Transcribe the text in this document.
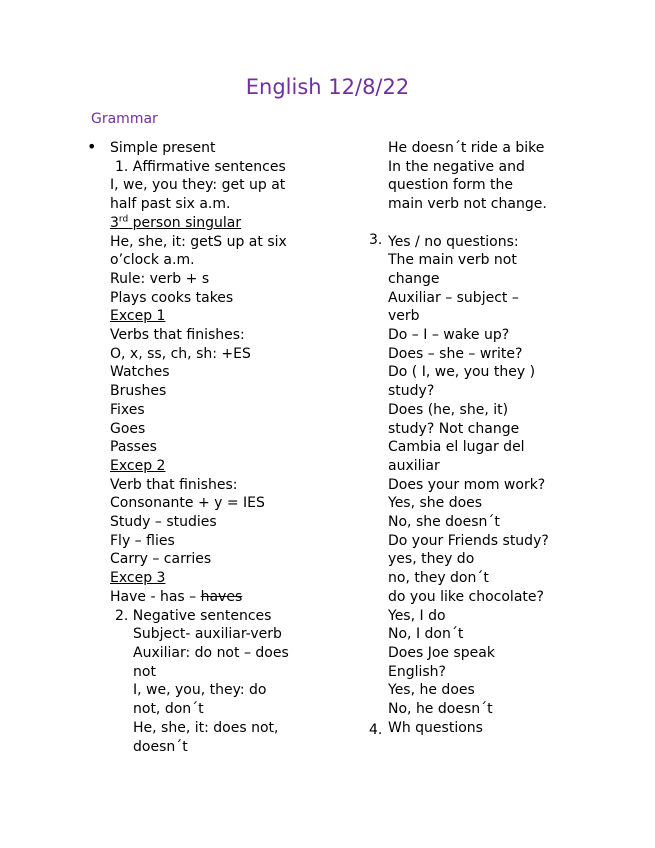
English 12/8/22
Grammar
• Simple present
1. Affirmative sentences
I, we, you they: get up at
half past six a.m.
3rd person singular
He, she, it: getS up at six
o’clock a.m.
Rule: verb + s
Plays cooks takes
Excep 1
Verbs that finishes:
O, x, ss, ch, sh: +ES
Watches
Brushes
Fixes
Goes
Passes
Excep 2
Verb that finishes:
Consonante + y = IES
Study – studies
Fly – flies
Carry – carries
Excep 3
Have - has – haves
2. Negative sentences
Subject- auxiliar-verb
Auxiliar: do not – does
not
I, we, you, they: do
not, don´t
He, she, it: does not,
doesn´t
3.
4.
He doesn´t ride a bike
In the negative and
question form the
main verb not change.
Yes / no questions:
The main verb not
change
Auxiliar – subject –
verb
Do – I – wake up?
Does – she – write?
Do ( I, we, you they )
study?
Does (he, she, it)
study? Not change
Cambia el lugar del
auxiliar
Does your mom work?
Yes, she does
No, she doesn´t
Do your Friends study?
yes, they do
no, they don´t
do you like chocolate?
Yes, I do
No, I don´t
Does Joe speak
English?
Yes, he does
No, he doesn´t
Wh questions
